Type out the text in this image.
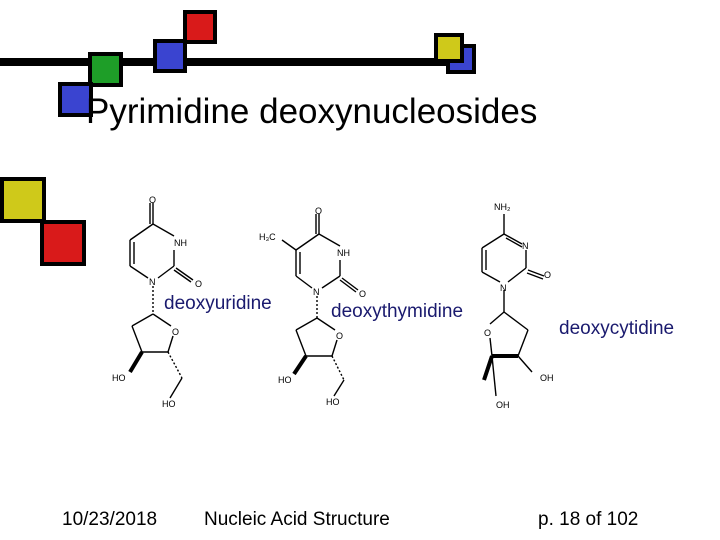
Pyrimidine deoxynucleosides
O
NH
O
N
O
HO
HO
O
H₃C
NH
O
N
O
HO
HO
NH₂
N
O
N
O
OH
OH
deoxyuridine	deoxythymidine
deoxycytidine
10/23/2018 Nucleic Acid Structure	p. 18 of 102
